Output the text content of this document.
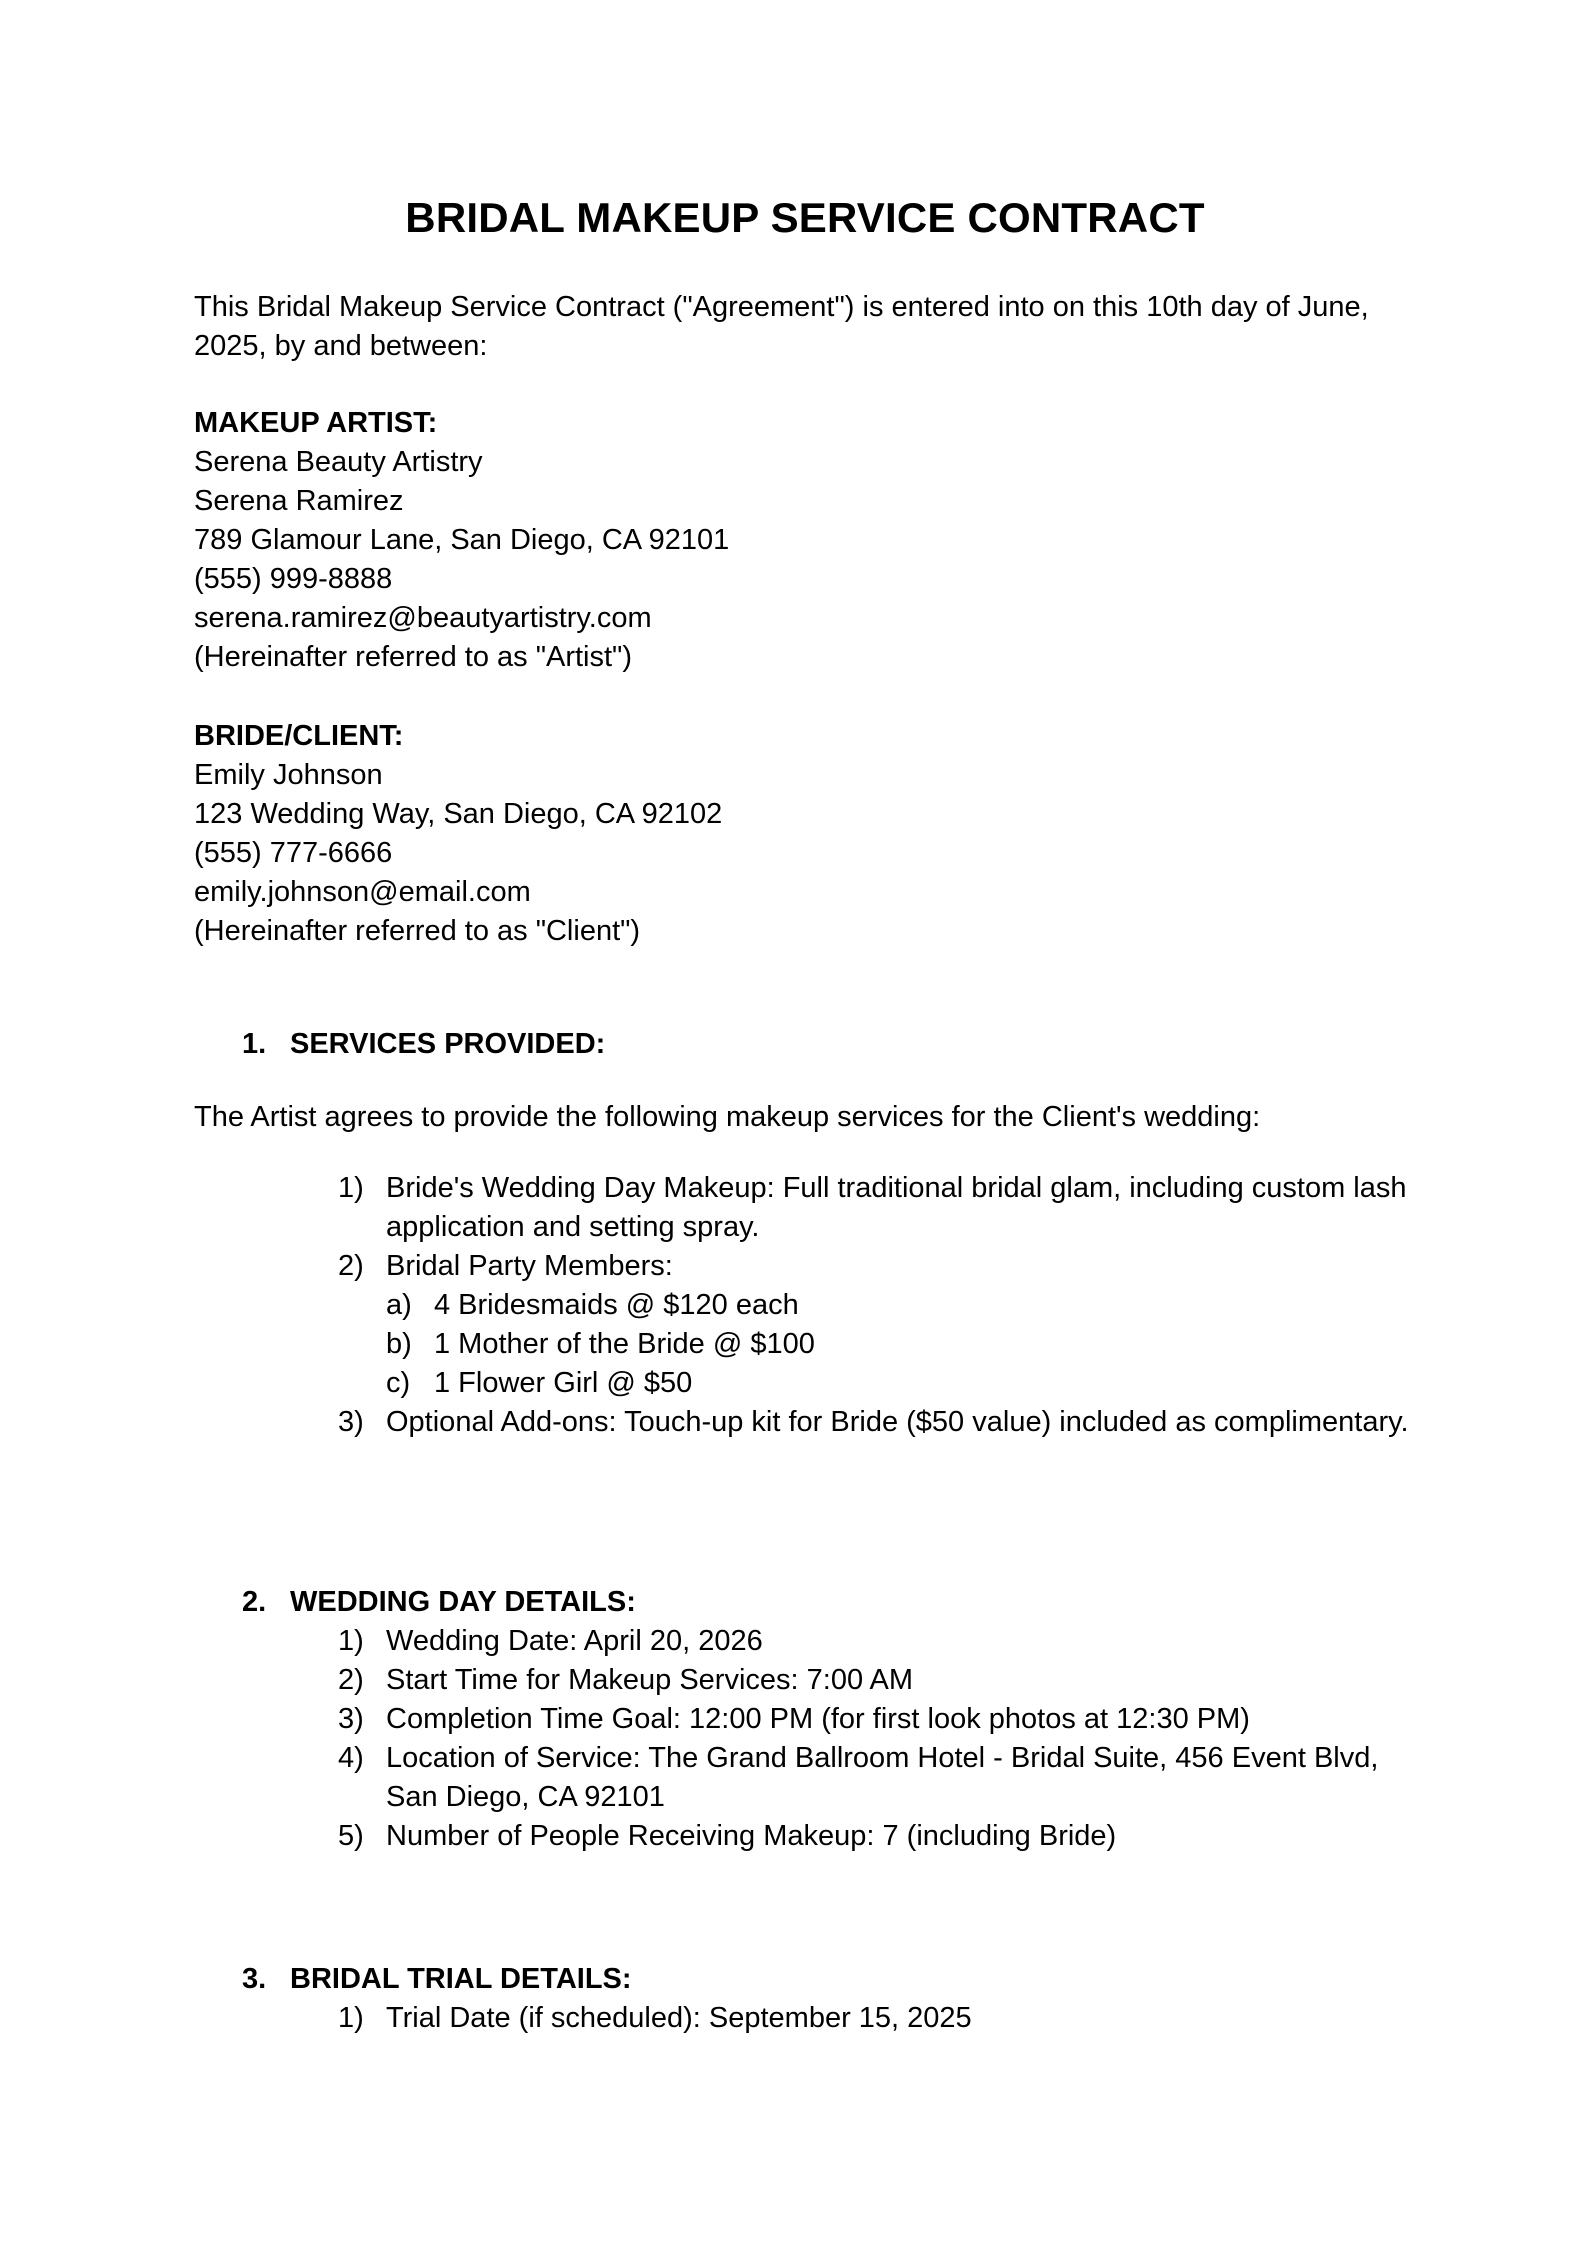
BRIDAL MAKEUP SERVICE CONTRACT

This Bridal Makeup Service Contract ("Agreement") is entered into on this 10th day of June, 2025, by and between:

MAKEUP ARTIST:
Serena Beauty Artistry
Serena Ramirez
789 Glamour Lane, San Diego, CA 92101
(555) 999-8888
serena.ramirez@beautyartistry.com
(Hereinafter referred to as "Artist")
BRIDE/CLIENT:
Emily Johnson
123 Wedding Way, San Diego, CA 92102
(555) 777-6666
emily.johnson@email.com
(Hereinafter referred to as "Client")
1. SERVICES PROVIDED:

The Artist agrees to provide the following makeup services for the Client's wedding:

1) Bride's Wedding Day Makeup: Full traditional bridal glam, including custom lash application and setting spray.
2) Bridal Party Members:
a) 4 Bridesmaids @ $120 each
b) 1 Mother of the Bride @ $100
c) 1 Flower Girl @ $50
3) Optional Add-ons: Touch-up kit for Bride ($50 value) included as complimentary.
2. WEDDING DAY DETAILS:
1) Wedding Date: April 20, 2026
2) Start Time for Makeup Services: 7:00 AM
3) Completion Time Goal: 12:00 PM (for first look photos at 12:30 PM)
4) Location of Service: The Grand Ballroom Hotel - Bridal Suite, 456 Event Blvd, San Diego, CA 92101
5) Number of People Receiving Makeup: 7 (including Bride)
3. BRIDAL TRIAL DETAILS:
1) Trial Date (if scheduled): September 15, 2025
